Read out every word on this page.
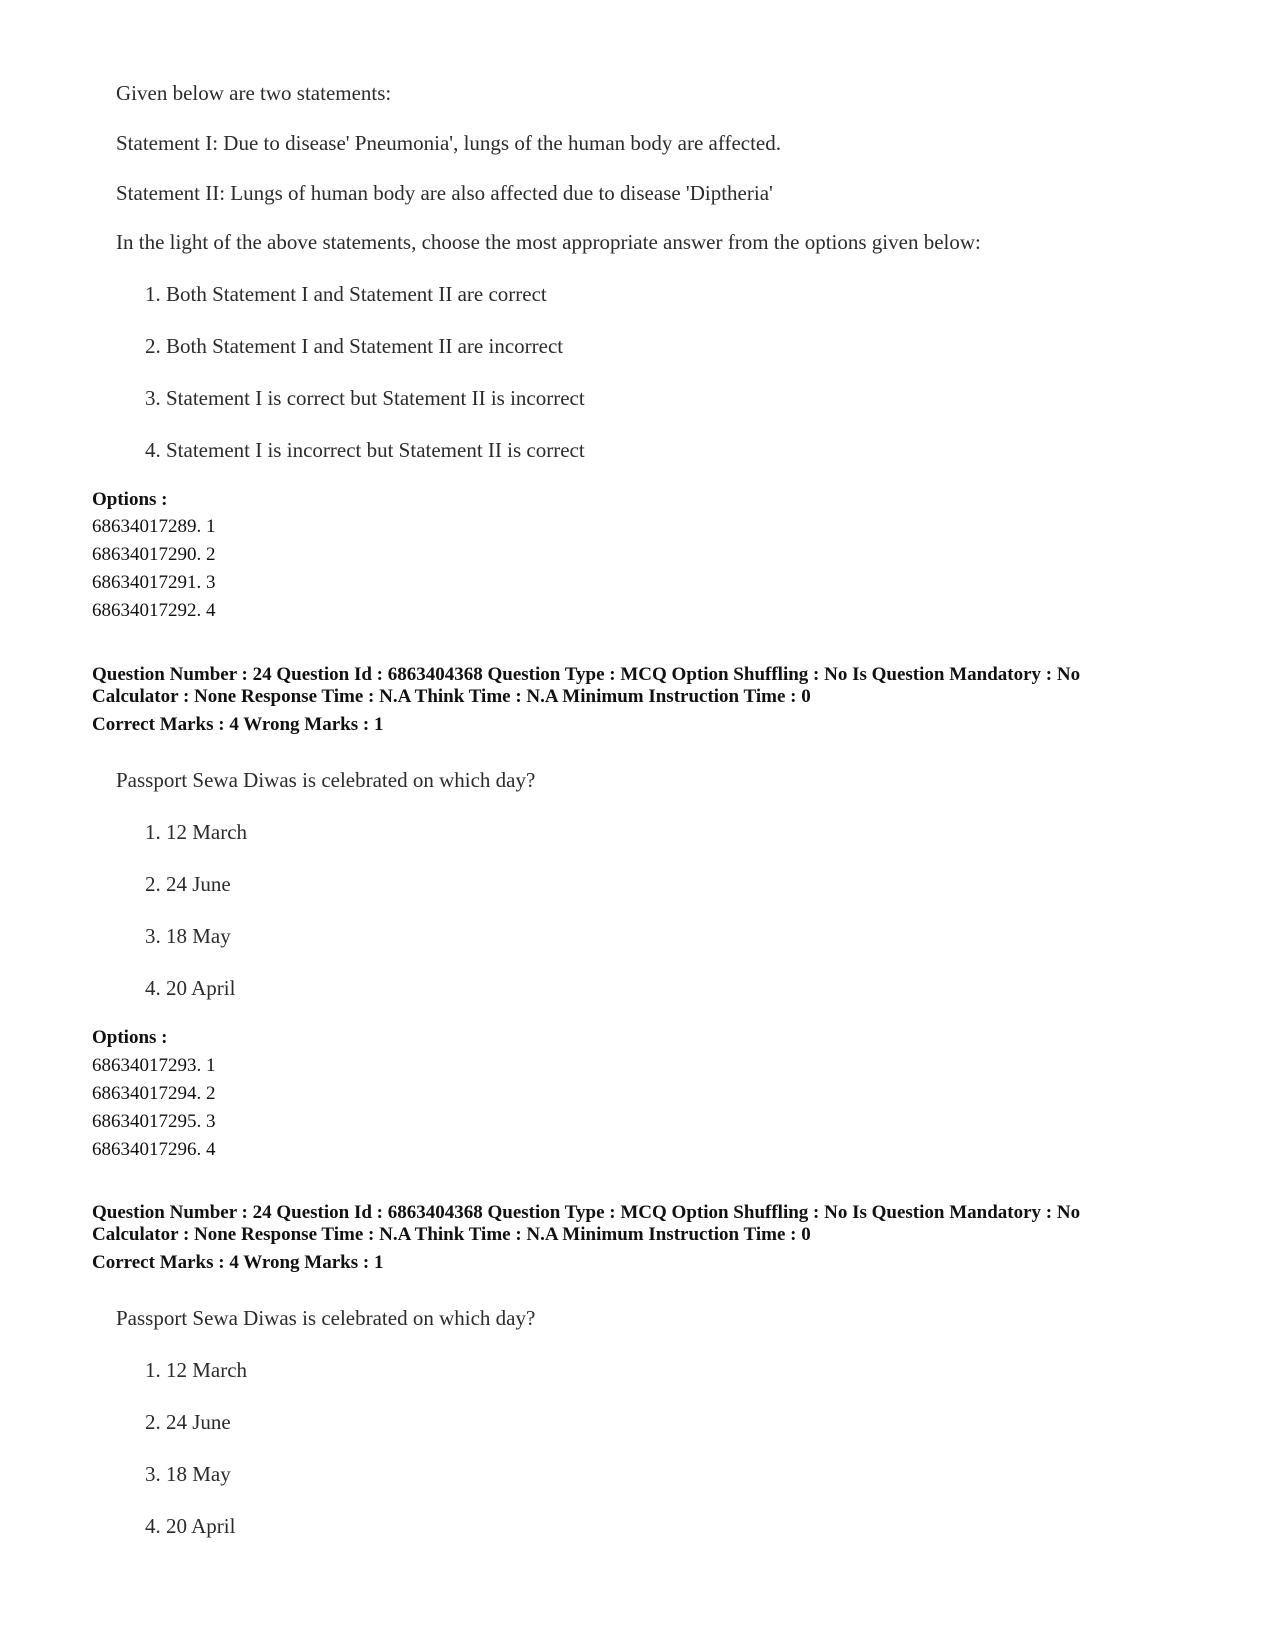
Given below are two statements:
Statement I: Due to disease' Pneumonia', lungs of the human body are affected.
Statement II: Lungs of human body are also affected due to disease 'Diptheria'
In the light of the above statements, choose the most appropriate answer from the options given below:
1. Both Statement I and Statement II are correct
2. Both Statement I and Statement II are incorrect
3. Statement I is correct but Statement II is incorrect
4. Statement I is incorrect but Statement II is correct
Options :
68634017289. 1
68634017290. 2
68634017291. 3
68634017292. 4
Question Number : 24 Question Id : 6863404368 Question Type : MCQ Option Shuffling : No Is Question Mandatory : No
Calculator : None Response Time : N.A Think Time : N.A Minimum Instruction Time : 0
Correct Marks : 4 Wrong Marks : 1
Passport Sewa Diwas is celebrated on which day?
1. 12 March
2. 24 June
3. 18 May
4. 20 April
Options :
68634017293. 1
68634017294. 2
68634017295. 3
68634017296. 4
Question Number : 24 Question Id : 6863404368 Question Type : MCQ Option Shuffling : No Is Question Mandatory : No
Calculator : None Response Time : N.A Think Time : N.A Minimum Instruction Time : 0
Correct Marks : 4 Wrong Marks : 1
Passport Sewa Diwas is celebrated on which day?
1. 12 March
2. 24 June
3. 18 May
4. 20 April
